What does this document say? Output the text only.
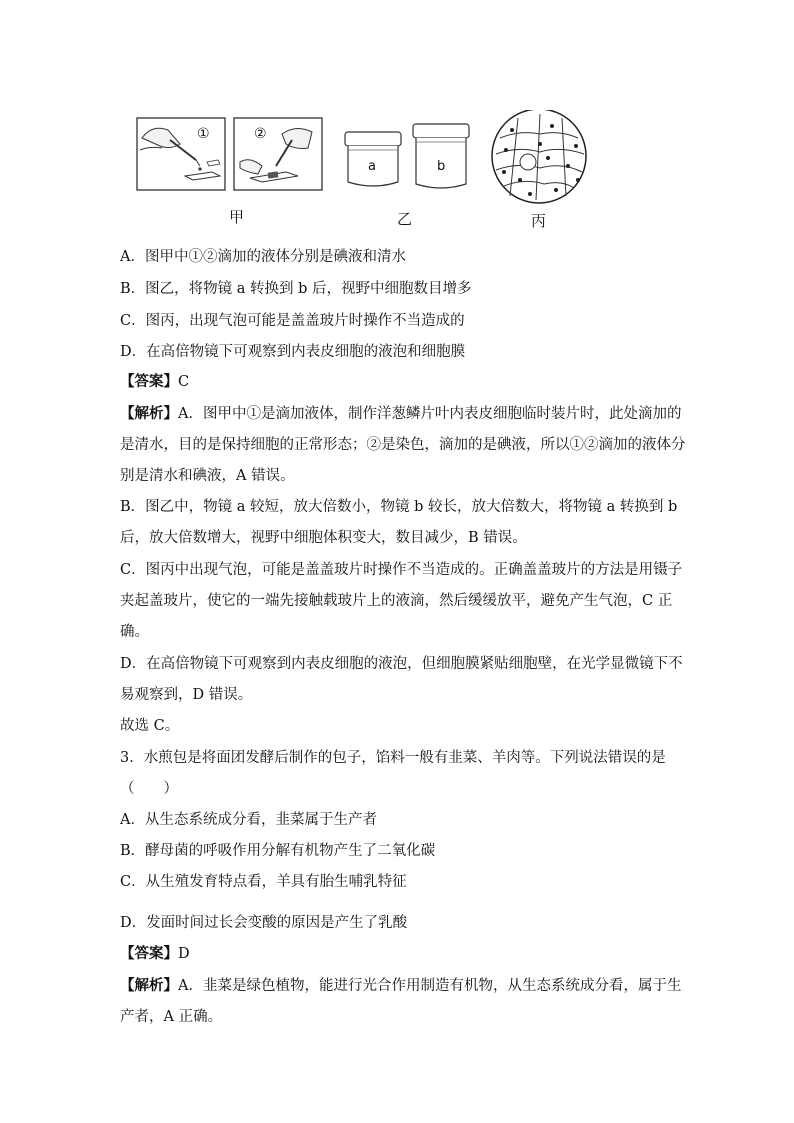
①	②
a	b
甲	乙	丙
A．图甲中①②滴加的液体分别是碘液和清水
B．图乙，将物镜 a 转换到 b 后，视野中细胞数目增多
C．图丙，出现气泡可能是盖盖玻片时操作不当造成的
D．在高倍物镜下可观察到内表皮细胞的液泡和细胞膜
【答案】C
【解析】A．图甲中①是滴加液体，制作洋葱鳞片叶内表皮细胞临时装片时，此处滴加的
是清水，目的是保持细胞的正常形态；②是染色，滴加的是碘液，所以①②滴加的液体分
别是清水和碘液，A 错误。
B．图乙中，物镜 a 较短，放大倍数小，物镜 b 较长，放大倍数大，将物镜 a 转换到 b
后，放大倍数增大，视野中细胞体积变大，数目减少，B 错误。
C．图丙中出现气泡，可能是盖盖玻片时操作不当造成的。正确盖盖玻片的方法是用镊子
夹起盖玻片，使它的一端先接触载玻片上的液滴，然后缓缓放平，避免产生气泡，C 正
确。
D．在高倍物镜下可观察到内表皮细胞的液泡，但细胞膜紧贴细胞壁，在光学显微镜下不
易观察到，D 错误。
故选 C。
3．水煎包是将面团发酵后制作的包子，馅料一般有韭菜、羊肉等。下列说法错误的是
（　　）
A．从生态系统成分看，韭菜属于生产者
B．酵母菌的呼吸作用分解有机物产生了二氧化碳
C．从生殖发育特点看，羊具有胎生哺乳特征
D．发面时间过长会变酸的原因是产生了乳酸
【答案】D
【解析】A．韭菜是绿色植物，能进行光合作用制造有机物，从生态系统成分看，属于生
产者，A 正确。
